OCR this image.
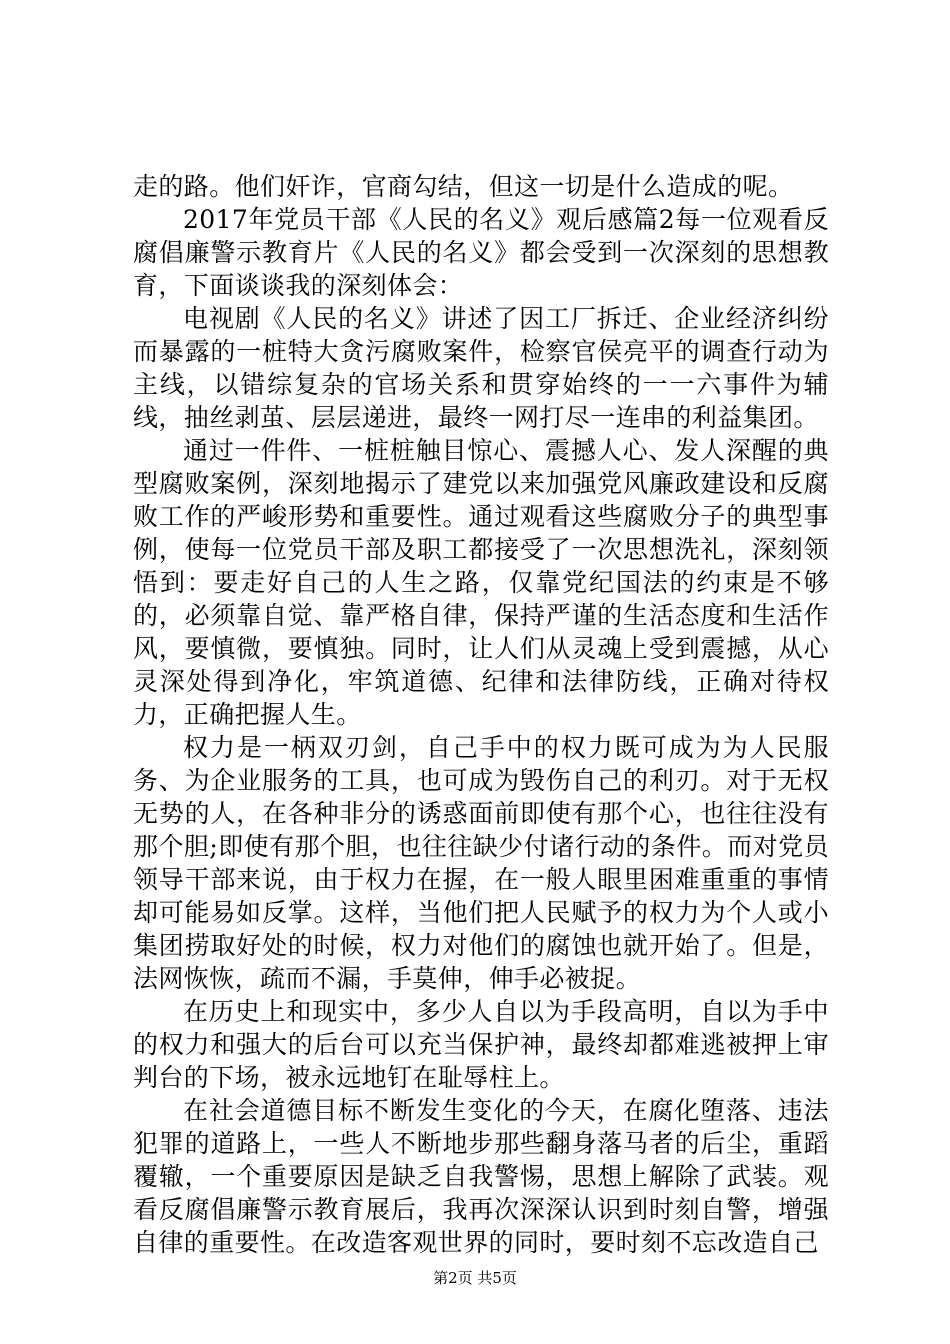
走的路。他们奸诈，官商勾结，但这一切是什么造成的呢。

2017年党员干部《人民的名义》观后感篇2每一位观看反腐倡廉警示教育片《人民的名义》都会受到一次深刻的思想教育，下面谈谈我的深刻体会：

电视剧《人民的名义》讲述了因工厂拆迁、企业经济纠纷而暴露的一桩特大贪污腐败案件，检察官侯亮平的调查行动为主线，以错综复杂的官场关系和贯穿始终的一一六事件为辅线，抽丝剥茧、层层递进，最终一网打尽一连串的利益集团。

通过一件件、一桩桩触目惊心、震撼人心、发人深醒的典型腐败案例，深刻地揭示了建党以来加强党风廉政建设和反腐败工作的严峻形势和重要性。通过观看这些腐败分子的典型事例，使每一位党员干部及职工都接受了一次思想洗礼，深刻领悟到：要走好自己的人生之路，仅靠党纪国法的约束是不够的，必须靠自觉、靠严格自律，保持严谨的生活态度和生活作风，要慎微，要慎独。同时，让人们从灵魂上受到震撼，从心灵深处得到净化，牢筑道德、纪律和法律防线，正确对待权力，正确把握人生。

权力是一柄双刃剑，自己手中的权力既可成为为人民服务、为企业服务的工具，也可成为毁伤自己的利刃。对于无权无势的人，在各种非分的诱惑面前即使有那个心，也往往没有那个胆;即使有那个胆，也往往缺少付诸行动的条件。而对党员领导干部来说，由于权力在握，在一般人眼里困难重重的事情却可能易如反掌。这样，当他们把人民赋予的权力为个人或小集团捞取好处的时候，权力对他们的腐蚀也就开始了。但是，法网恢恢，疏而不漏，手莫伸，伸手必被捉。

在历史上和现实中，多少人自以为手段高明，自以为手中的权力和强大的后台可以充当保护神，最终却都难逃被押上审判台的下场，被永远地钉在耻辱柱上。

在社会道德目标不断发生变化的今天，在腐化堕落、违法犯罪的道路上，一些人不断地步那些翻身落马者的后尘，重蹈覆辙，一个重要原因是缺乏自我警惕，思想上解除了武装。观看反腐倡廉警示教育展后，我再次深深认识到时刻自警，增强自律的重要性。在改造客观世界的同时，要时刻不忘改造自己

第2页 共5页
